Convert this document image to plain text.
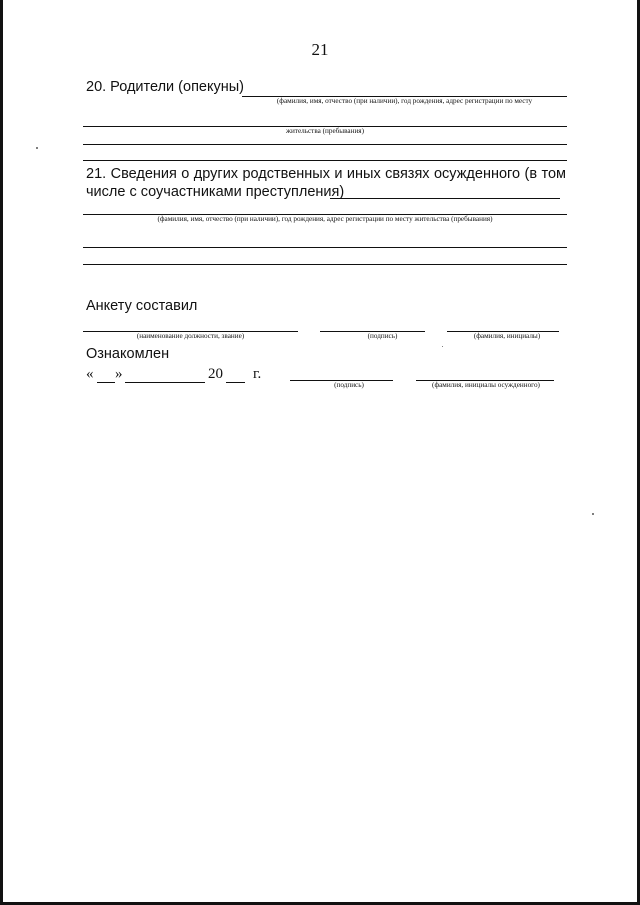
21
20. Родители (опекуны)
(фамилия, имя, отчество (при наличии), год рождения, адрес регистрации по месту
жительства (пребывания)
21. Сведения о других родственных и иных связях осужденного (в том
числе с соучастниками преступления)
(фамилия, имя, отчество (при наличии), год рождения, адрес регистрации по месту жительства (пребывания)
Анкету составил
(наименование должности, звание)	(подпись)	(фамилия, инициалы)
Ознакомлен
« »	20 г.
(подпись)	(фамилия, инициалы осужденного)
